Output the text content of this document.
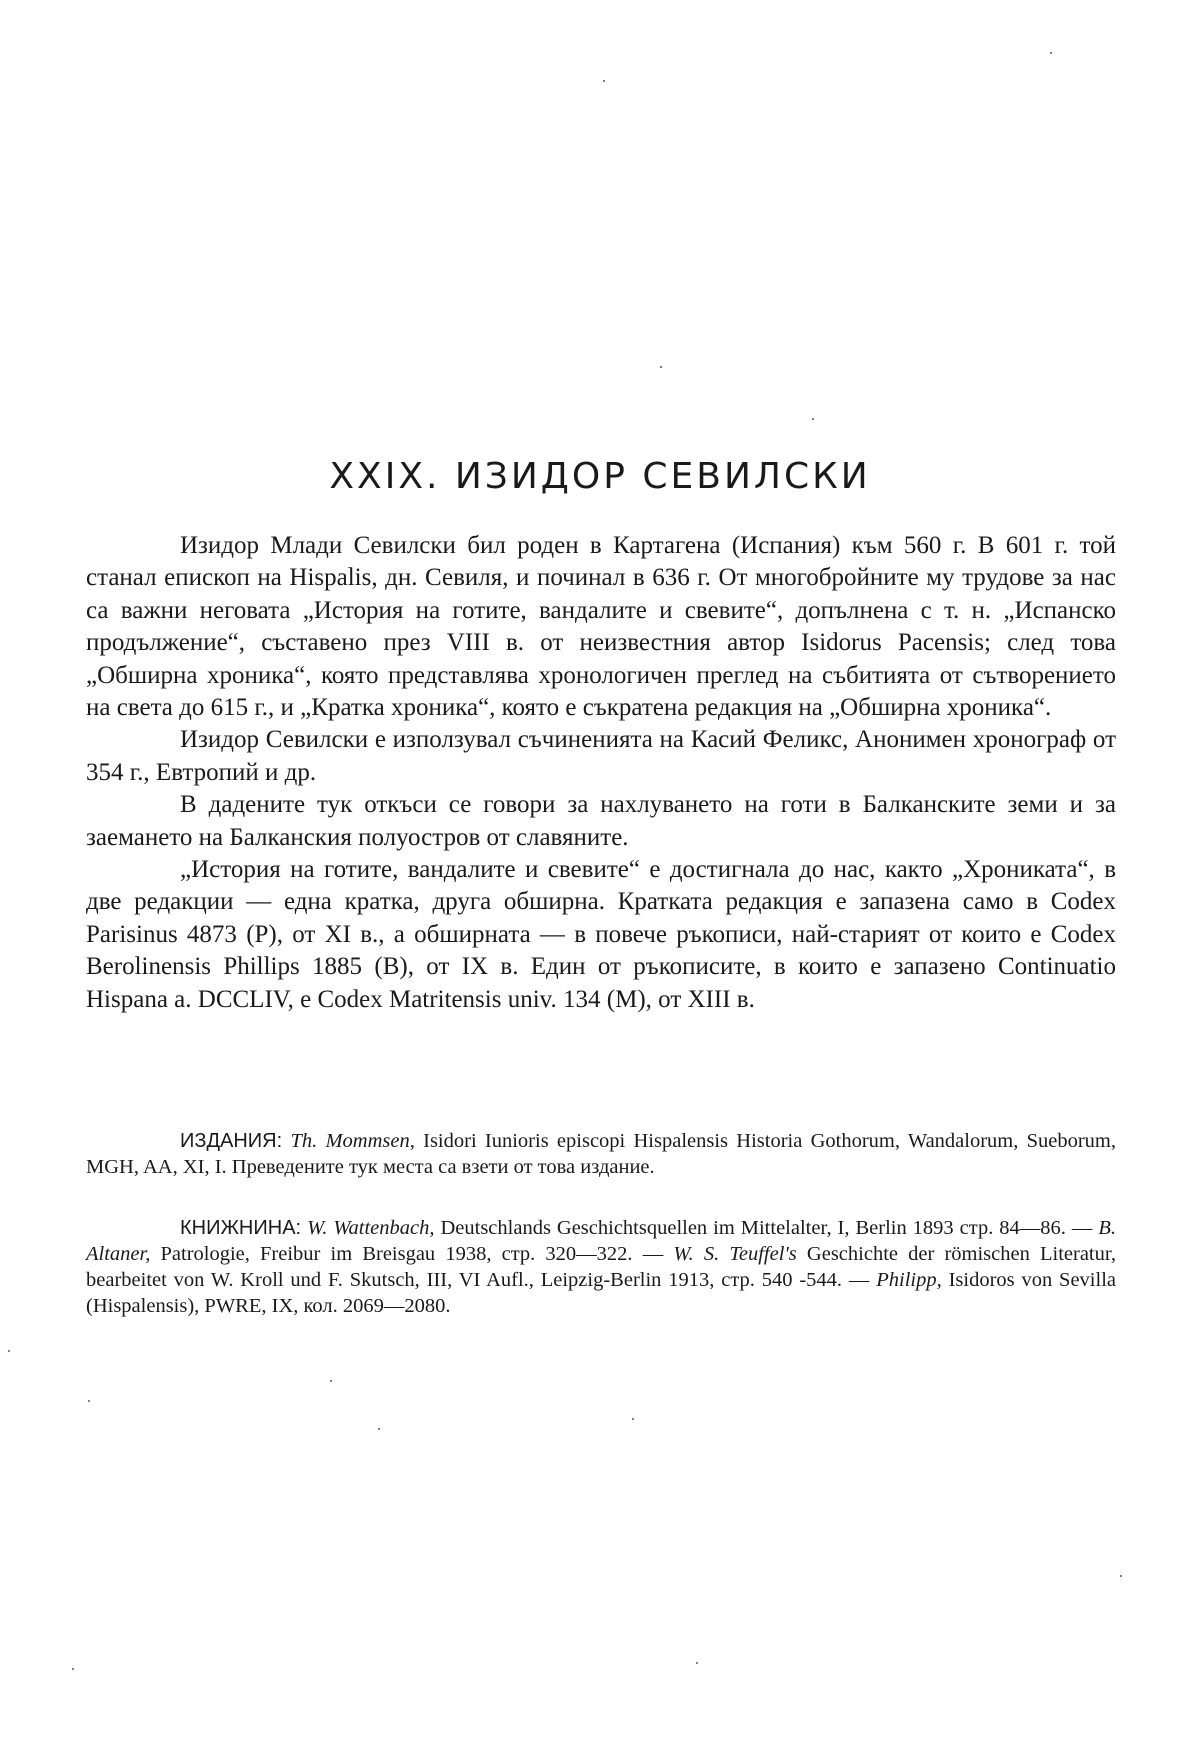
XXIX. ИЗИДОР СЕВИЛСКИ

Изидор Млади Севилски бил роден в Картагена (Испания) към 560 г. В 601 г. той станал епископ на Hispalis, дн. Севиля, и починал в 636 г. От многобройните му трудове за нас са важни неговата „История на готите, вандалите и свевите“, допълнена с т. н. „Испанско продължение“, съставено през VIII в. от неизвестния автор Isidorus Pacensis; след това „Обширна хроника“, която представлява хронологичен преглед на събитията от сътворението на света до 615 г., и „Кратка хроника“, която е съкратена редакция на „Обширна хроника“.

Изидор Севилски е използувал съчиненията на Касий Феликс, Анонимен хронограф от 354 г., Евтропий и др.

В дадените тук откъси се говори за нахлуването на готи в Балканските земи и за заемането на Балканския полуостров от славяните.

„История на готите, вандалите и свевите“ е достигнала до нас, както „Хрониката“, в две редакции — една кратка, друга обширна. Кратката редакция е запазена само в Codex Parisinus 4873 (P), от XI в., а обширната — в повече ръкописи, най-старият от които е Codex Berolinensis Phillips 1885 (B), от IX в. Един от ръкописите, в които е запазено Continuatio Hispana a. DCCLIV, е Codex Matritensis univ. 134 (M), от XIII в.

ИЗДАНИЯ: Th. Mommsen, Isidori Iunioris episcopi Hispalensis Historia Gothorum, Wandalorum, Sueborum, MGH, AA, XI, I. Преведените тук места са взети от това издание.

КНИЖНИНА: W. Wattenbach, Deutschlands Geschichtsquellen im Mittelalter, I, Berlin 1893 стр. 84—86. — B. Altaner, Patrologie, Freibur im Breisgau 1938, стр. 320—322. — W. S. Teuffel's Geschichte der römischen Literatur, bearbeitet von W. Kroll und F. Skutsch, III, VI Aufl., Leipzig-Berlin 1913, стр. 540 -544. — Philipp, Isidoros von Sevilla (Hispalensis), PWRE, IX, кол. 2069—2080.
